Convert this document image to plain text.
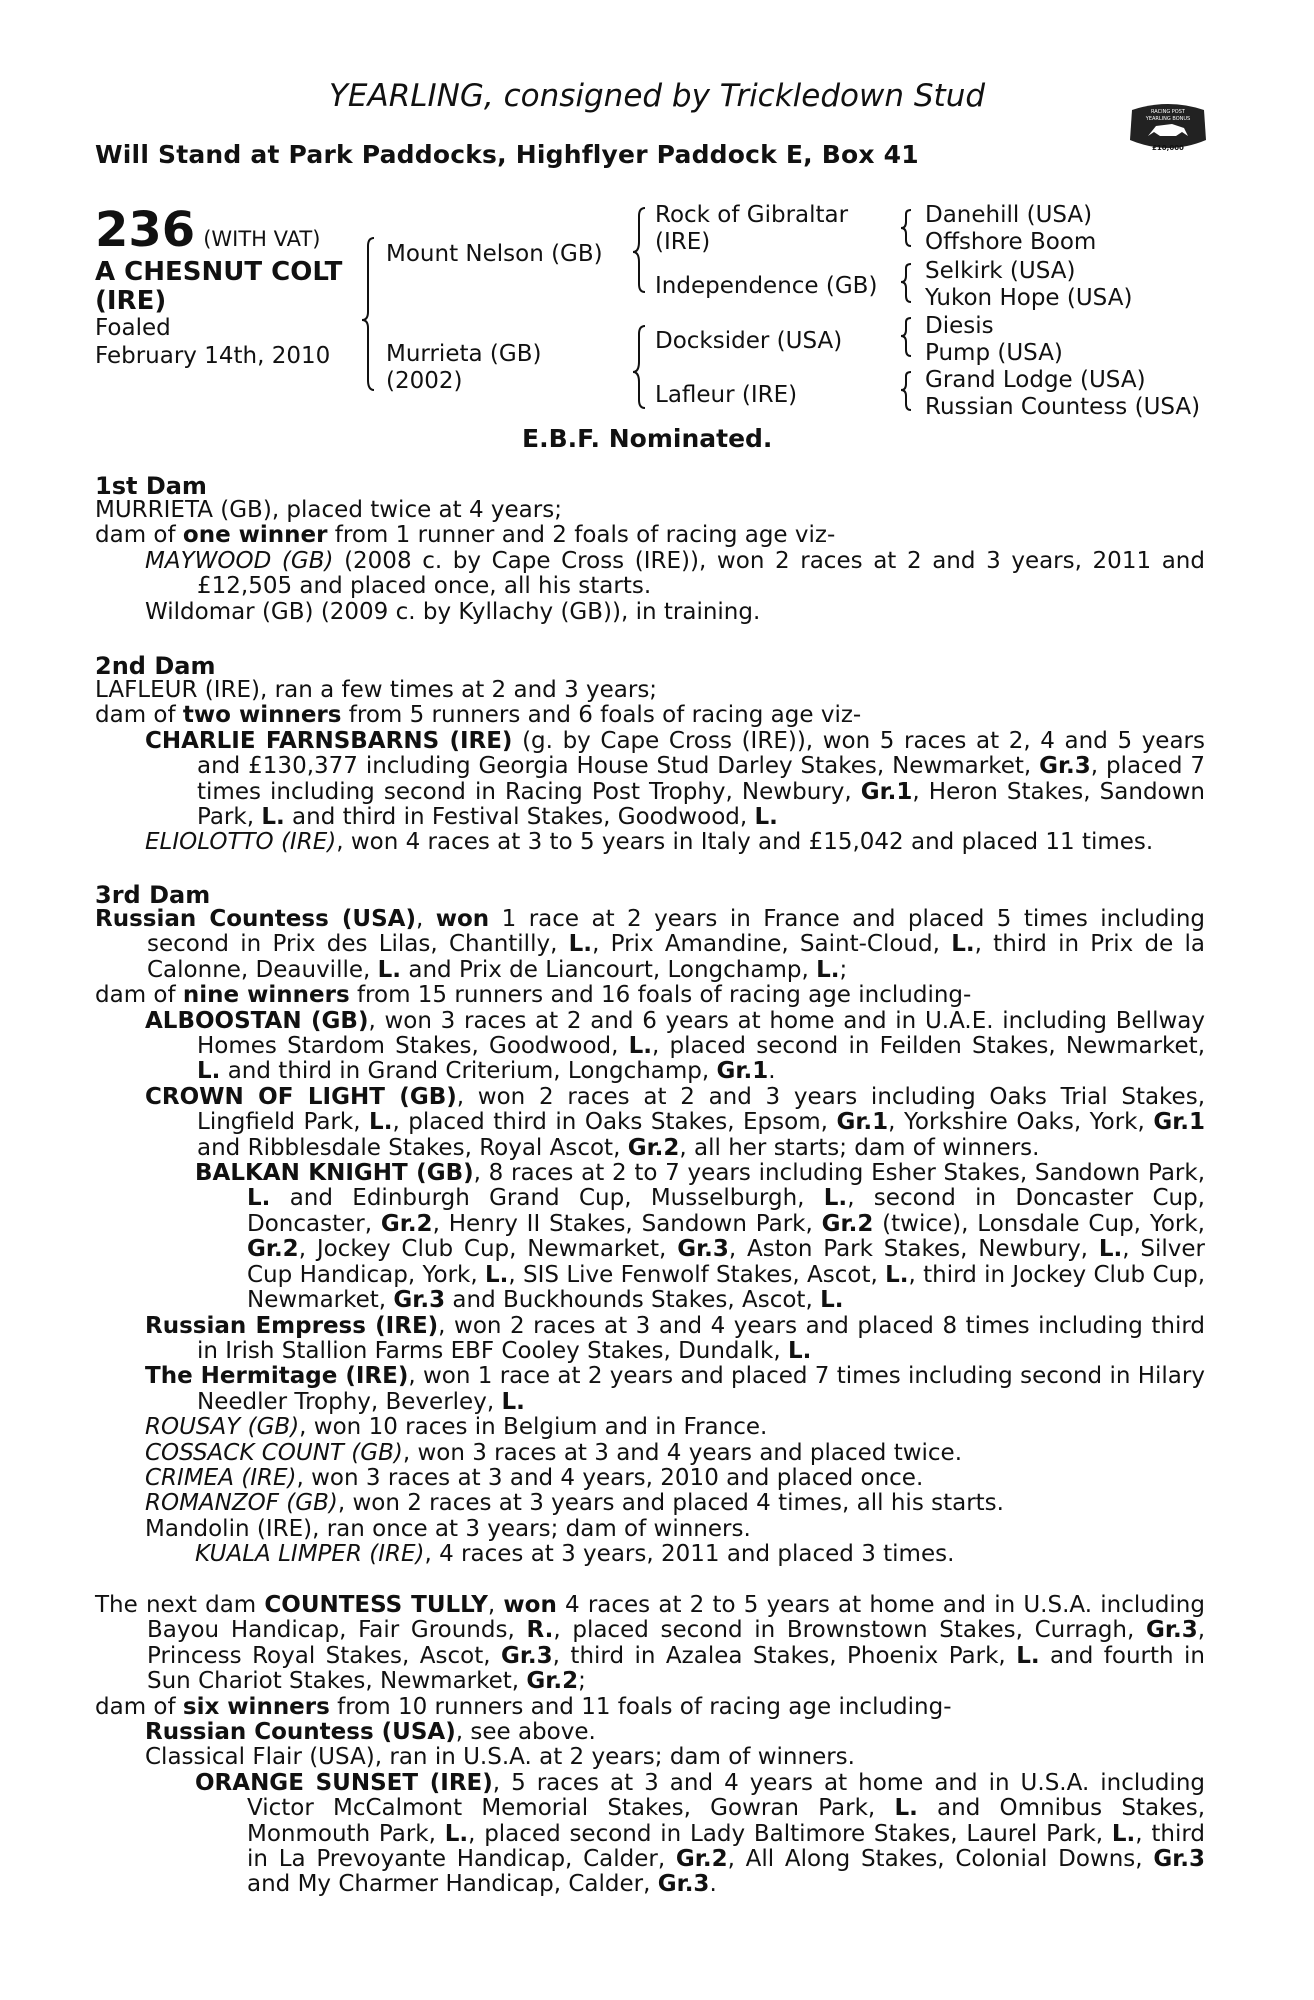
YEARLING, consigned by Trickledown Stud
Will Stand at Park Paddocks, Highflyer Paddock E, Box 41
RACING POST
YEARLING BONUS
£10,000
236 (WITH VAT)
A CHESNUT COLT
(IRE)
Foaled
February 14th, 2010
Mount Nelson (GB)
Murrieta (GB)
(2002)
Rock of Gibraltar
(IRE)
Independence (GB)
Docksider (USA)
Lafleur (IRE)
Danehill (USA)
Offshore Boom
Selkirk (USA)
Yukon Hope (USA)
Diesis
Pump (USA)
Grand Lodge (USA)
Russian Countess (USA)
E.B.F. Nominated.
1st Dam

MURRIETA (GB), placed twice at 4 years;

dam of one winner from 1 runner and 2 foals of racing age viz-

MAYWOOD (GB) (2008 c. by Cape Cross (IRE)), won 2 races at 2 and 3 years, 2011 and £12,505 and placed once, all his starts.

Wildomar (GB) (2009 c. by Kyllachy (GB)), in training.

2nd Dam

LAFLEUR (IRE), ran a few times at 2 and 3 years;

dam of two winners from 5 runners and 6 foals of racing age viz-

CHARLIE FARNSBARNS (IRE) (g. by Cape Cross (IRE)), won 5 races at 2, 4 and 5 years and £130,377 including Georgia House Stud Darley Stakes, Newmarket, Gr.3, placed 7 times including second in Racing Post Trophy, Newbury, Gr.1, Heron Stakes, Sandown Park, L. and third in Festival Stakes, Goodwood, L.

ELIOLOTTO (IRE), won 4 races at 3 to 5 years in Italy and £15,042 and placed 11 times.

3rd Dam

Russian Countess (USA), won 1 race at 2 years in France and placed 5 times including second in Prix des Lilas, Chantilly, L., Prix Amandine, Saint-Cloud, L., third in Prix de la Calonne, Deauville, L. and Prix de Liancourt, Longchamp, L.;

dam of nine winners from 15 runners and 16 foals of racing age including-

ALBOOSTAN (GB), won 3 races at 2 and 6 years at home and in U.A.E. including Bellway Homes Stardom Stakes, Goodwood, L., placed second in Feilden Stakes, Newmarket, L. and third in Grand Criterium, Longchamp, Gr.1.

CROWN OF LIGHT (GB), won 2 races at 2 and 3 years including Oaks Trial Stakes, Lingfield Park, L., placed third in Oaks Stakes, Epsom, Gr.1, Yorkshire Oaks, York, Gr.1 and Ribblesdale Stakes, Royal Ascot, Gr.2, all her starts; dam of winners.

BALKAN KNIGHT (GB), 8 races at 2 to 7 years including Esher Stakes, Sandown Park, L. and Edinburgh Grand Cup, Musselburgh, L., second in Doncaster Cup, Doncaster, Gr.2, Henry II Stakes, Sandown Park, Gr.2 (twice), Lonsdale Cup, York, Gr.2, Jockey Club Cup, Newmarket, Gr.3, Aston Park Stakes, Newbury, L., Silver Cup Handicap, York, L., SIS Live Fenwolf Stakes, Ascot, L., third in Jockey Club Cup, Newmarket, Gr.3 and Buckhounds Stakes, Ascot, L.

Russian Empress (IRE), won 2 races at 3 and 4 years and placed 8 times including third in Irish Stallion Farms EBF Cooley Stakes, Dundalk, L.

The Hermitage (IRE), won 1 race at 2 years and placed 7 times including second in Hilary Needler Trophy, Beverley, L.

ROUSAY (GB), won 10 races in Belgium and in France.

COSSACK COUNT (GB), won 3 races at 3 and 4 years and placed twice.

CRIMEA (IRE), won 3 races at 3 and 4 years, 2010 and placed once.

ROMANZOF (GB), won 2 races at 3 years and placed 4 times, all his starts.

Mandolin (IRE), ran once at 3 years; dam of winners.

KUALA LIMPER (IRE), 4 races at 3 years, 2011 and placed 3 times.

The next dam COUNTESS TULLY, won 4 races at 2 to 5 years at home and in U.S.A. including Bayou Handicap, Fair Grounds, R., placed second in Brownstown Stakes, Curragh, Gr.3, Princess Royal Stakes, Ascot, Gr.3, third in Azalea Stakes, Phoenix Park, L. and fourth in Sun Chariot Stakes, Newmarket, Gr.2;

dam of six winners from 10 runners and 11 foals of racing age including-

Russian Countess (USA), see above.

Classical Flair (USA), ran in U.S.A. at 2 years; dam of winners.

ORANGE SUNSET (IRE), 5 races at 3 and 4 years at home and in U.S.A. including Victor McCalmont Memorial Stakes, Gowran Park, L. and Omnibus Stakes, Monmouth Park, L., placed second in Lady Baltimore Stakes, Laurel Park, L., third in La Prevoyante Handicap, Calder, Gr.2, All Along Stakes, Colonial Downs, Gr.3 and My Charmer Handicap, Calder, Gr.3.
